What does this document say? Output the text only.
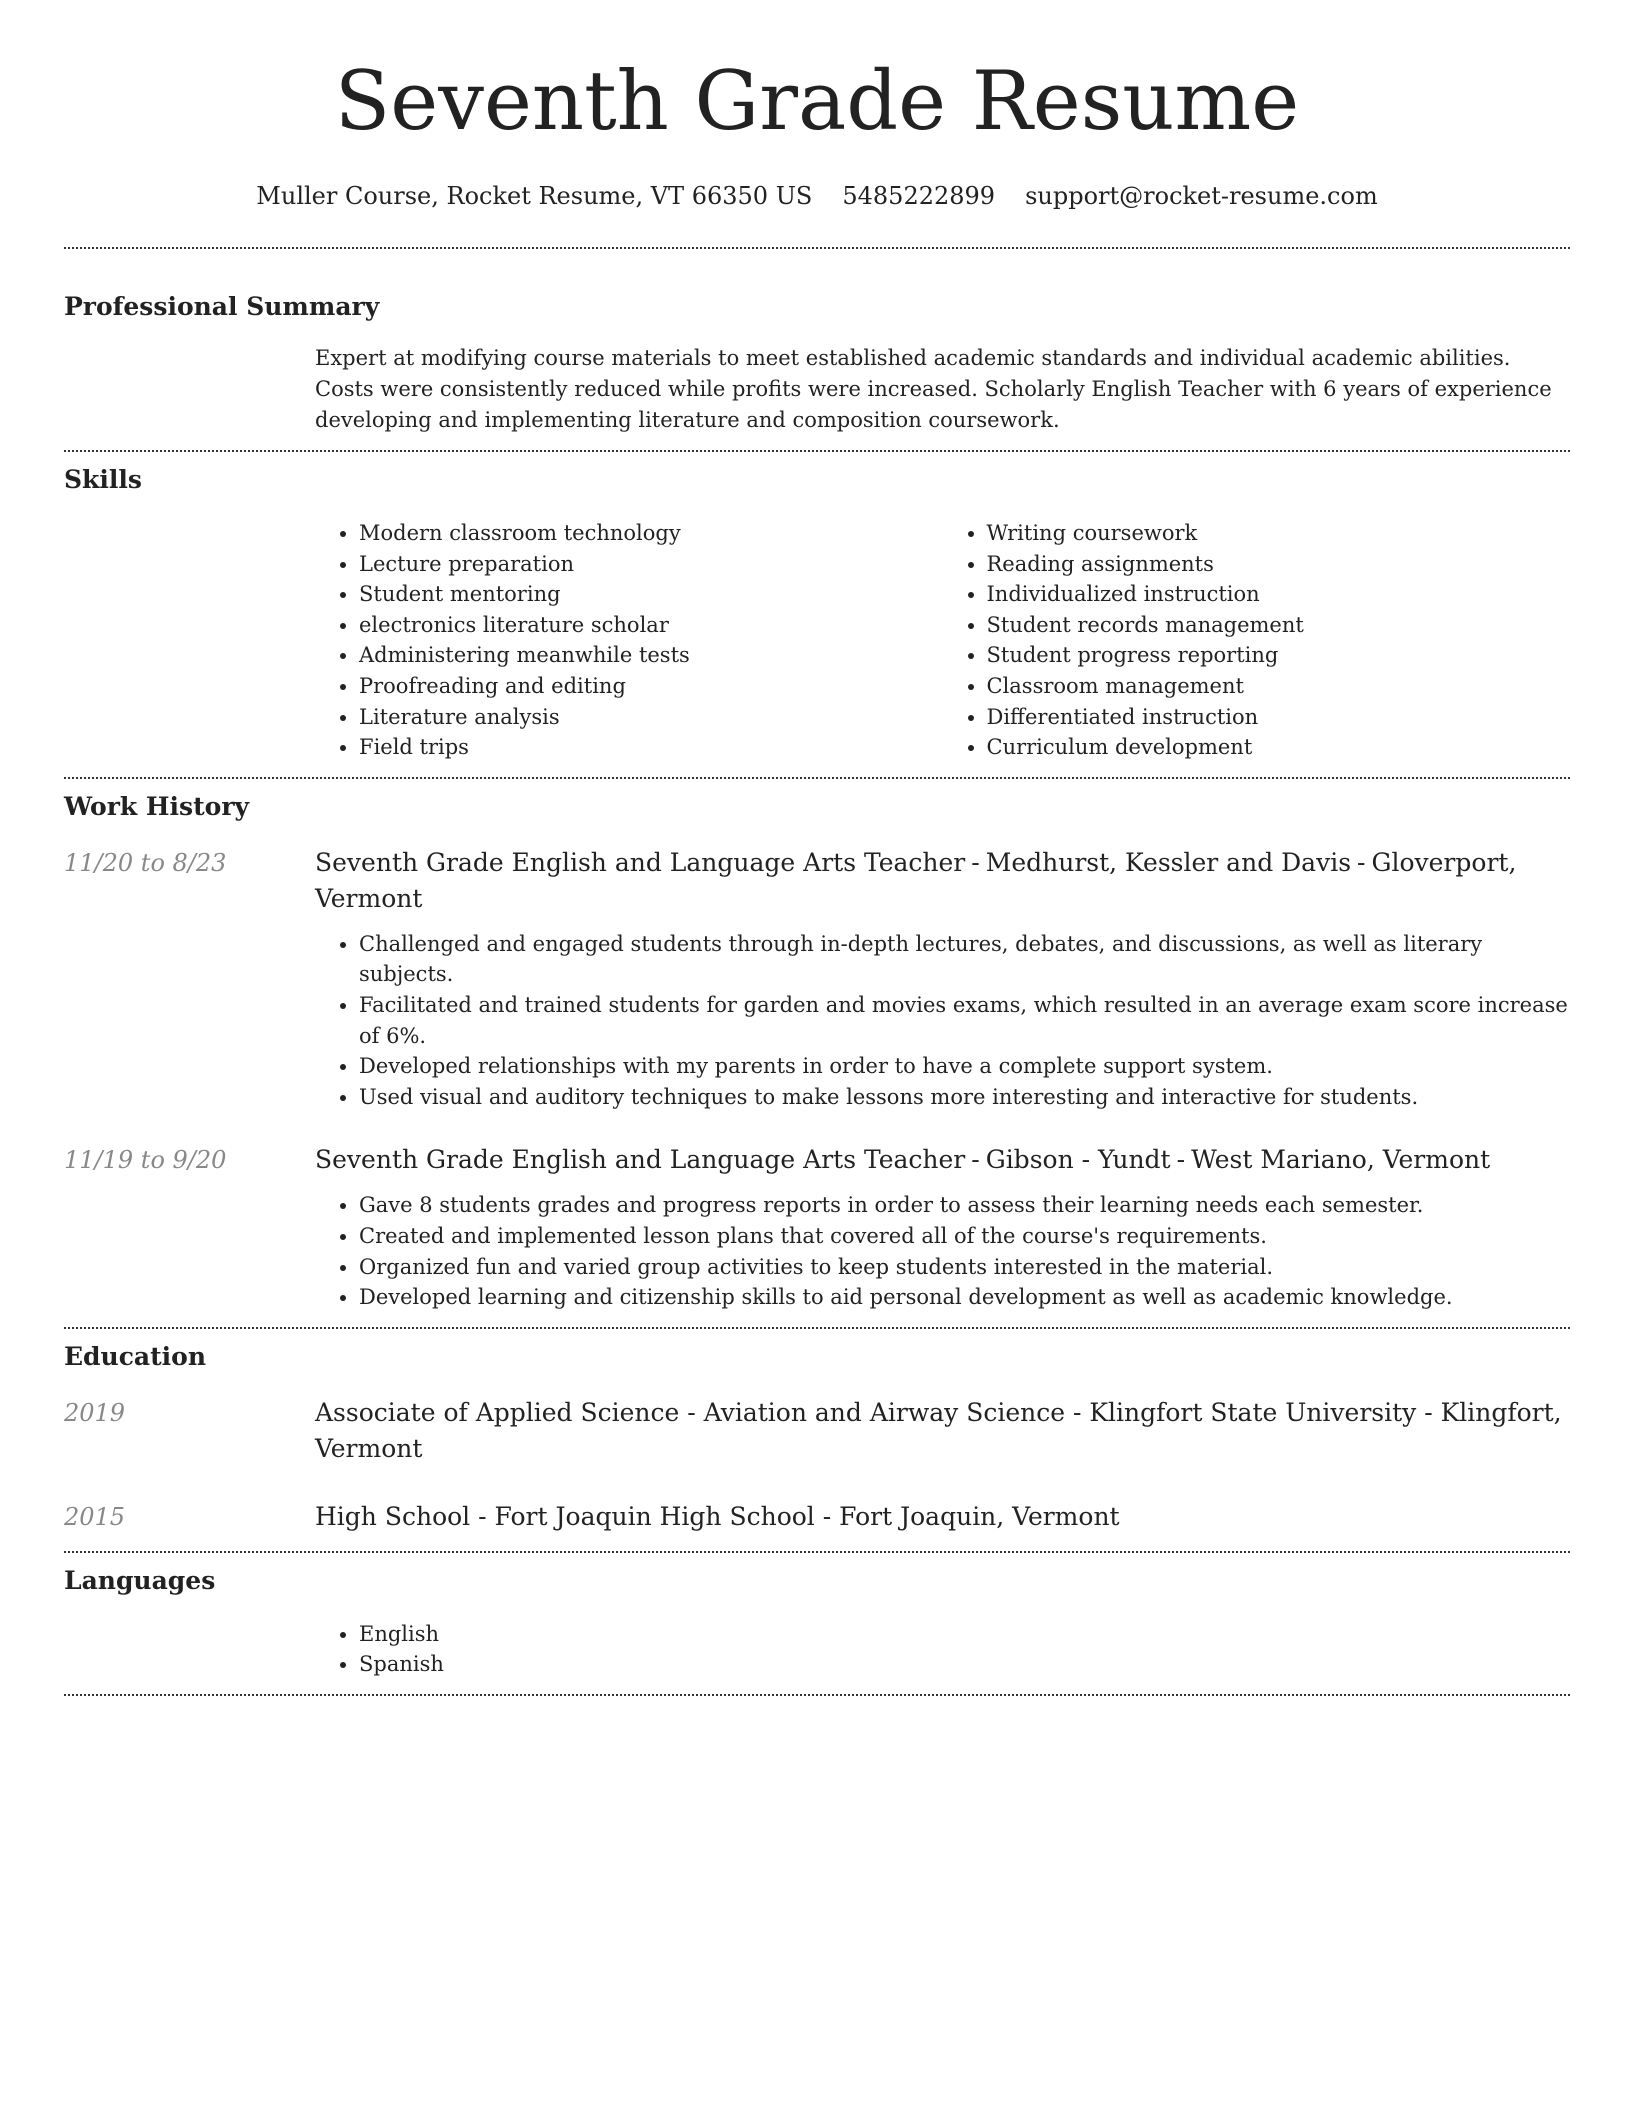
Seventh Grade Resume
Muller Course, Rocket Resume, VT 66350 US 5485222899 support@rocket-resume.com
Professional Summary

Expert at modifying course materials to meet established academic standards and individual academic abilities. Costs were consistently reduced while profits were increased. Scholarly English Teacher with 6 years of experience developing and implementing literature and composition coursework.

Skills
• Modern classroom technology
• Lecture preparation
• Student mentoring
• electronics literature scholar
• Administering meanwhile tests
• Proofreading and editing
• Literature analysis
• Field trips
• Writing coursework
• Reading assignments
• Individualized instruction
• Student records management
• Student progress reporting
• Classroom management
• Differentiated instruction
• Curriculum development
Work History
11/20 to 8/23	Seventh Grade English and Language Arts Teacher - Medhurst, Kessler and Davis - Gloverport, Vermont
• Challenged and engaged students through in-depth lectures, debates, and discussions, as well as literary subjects.
• Facilitated and trained students for garden and movies exams, which resulted in an average exam score increase of 6%.
• Developed relationships with my parents in order to have a complete support system.
• Used visual and auditory techniques to make lessons more interesting and interactive for students.
11/19 to 9/20	Seventh Grade English and Language Arts Teacher - Gibson - Yundt - West Mariano, Vermont
• Gave 8 students grades and progress reports in order to assess their learning needs each semester.
• Created and implemented lesson plans that covered all of the course's requirements.
• Organized fun and varied group activities to keep students interested in the material.
• Developed learning and citizenship skills to aid personal development as well as academic knowledge.
Education
2019	Associate of Applied Science - Aviation and Airway Science - Klingfort State University - Klingfort, Vermont
2015	High School - Fort Joaquin High School - Fort Joaquin, Vermont
Languages
• English
• Spanish
